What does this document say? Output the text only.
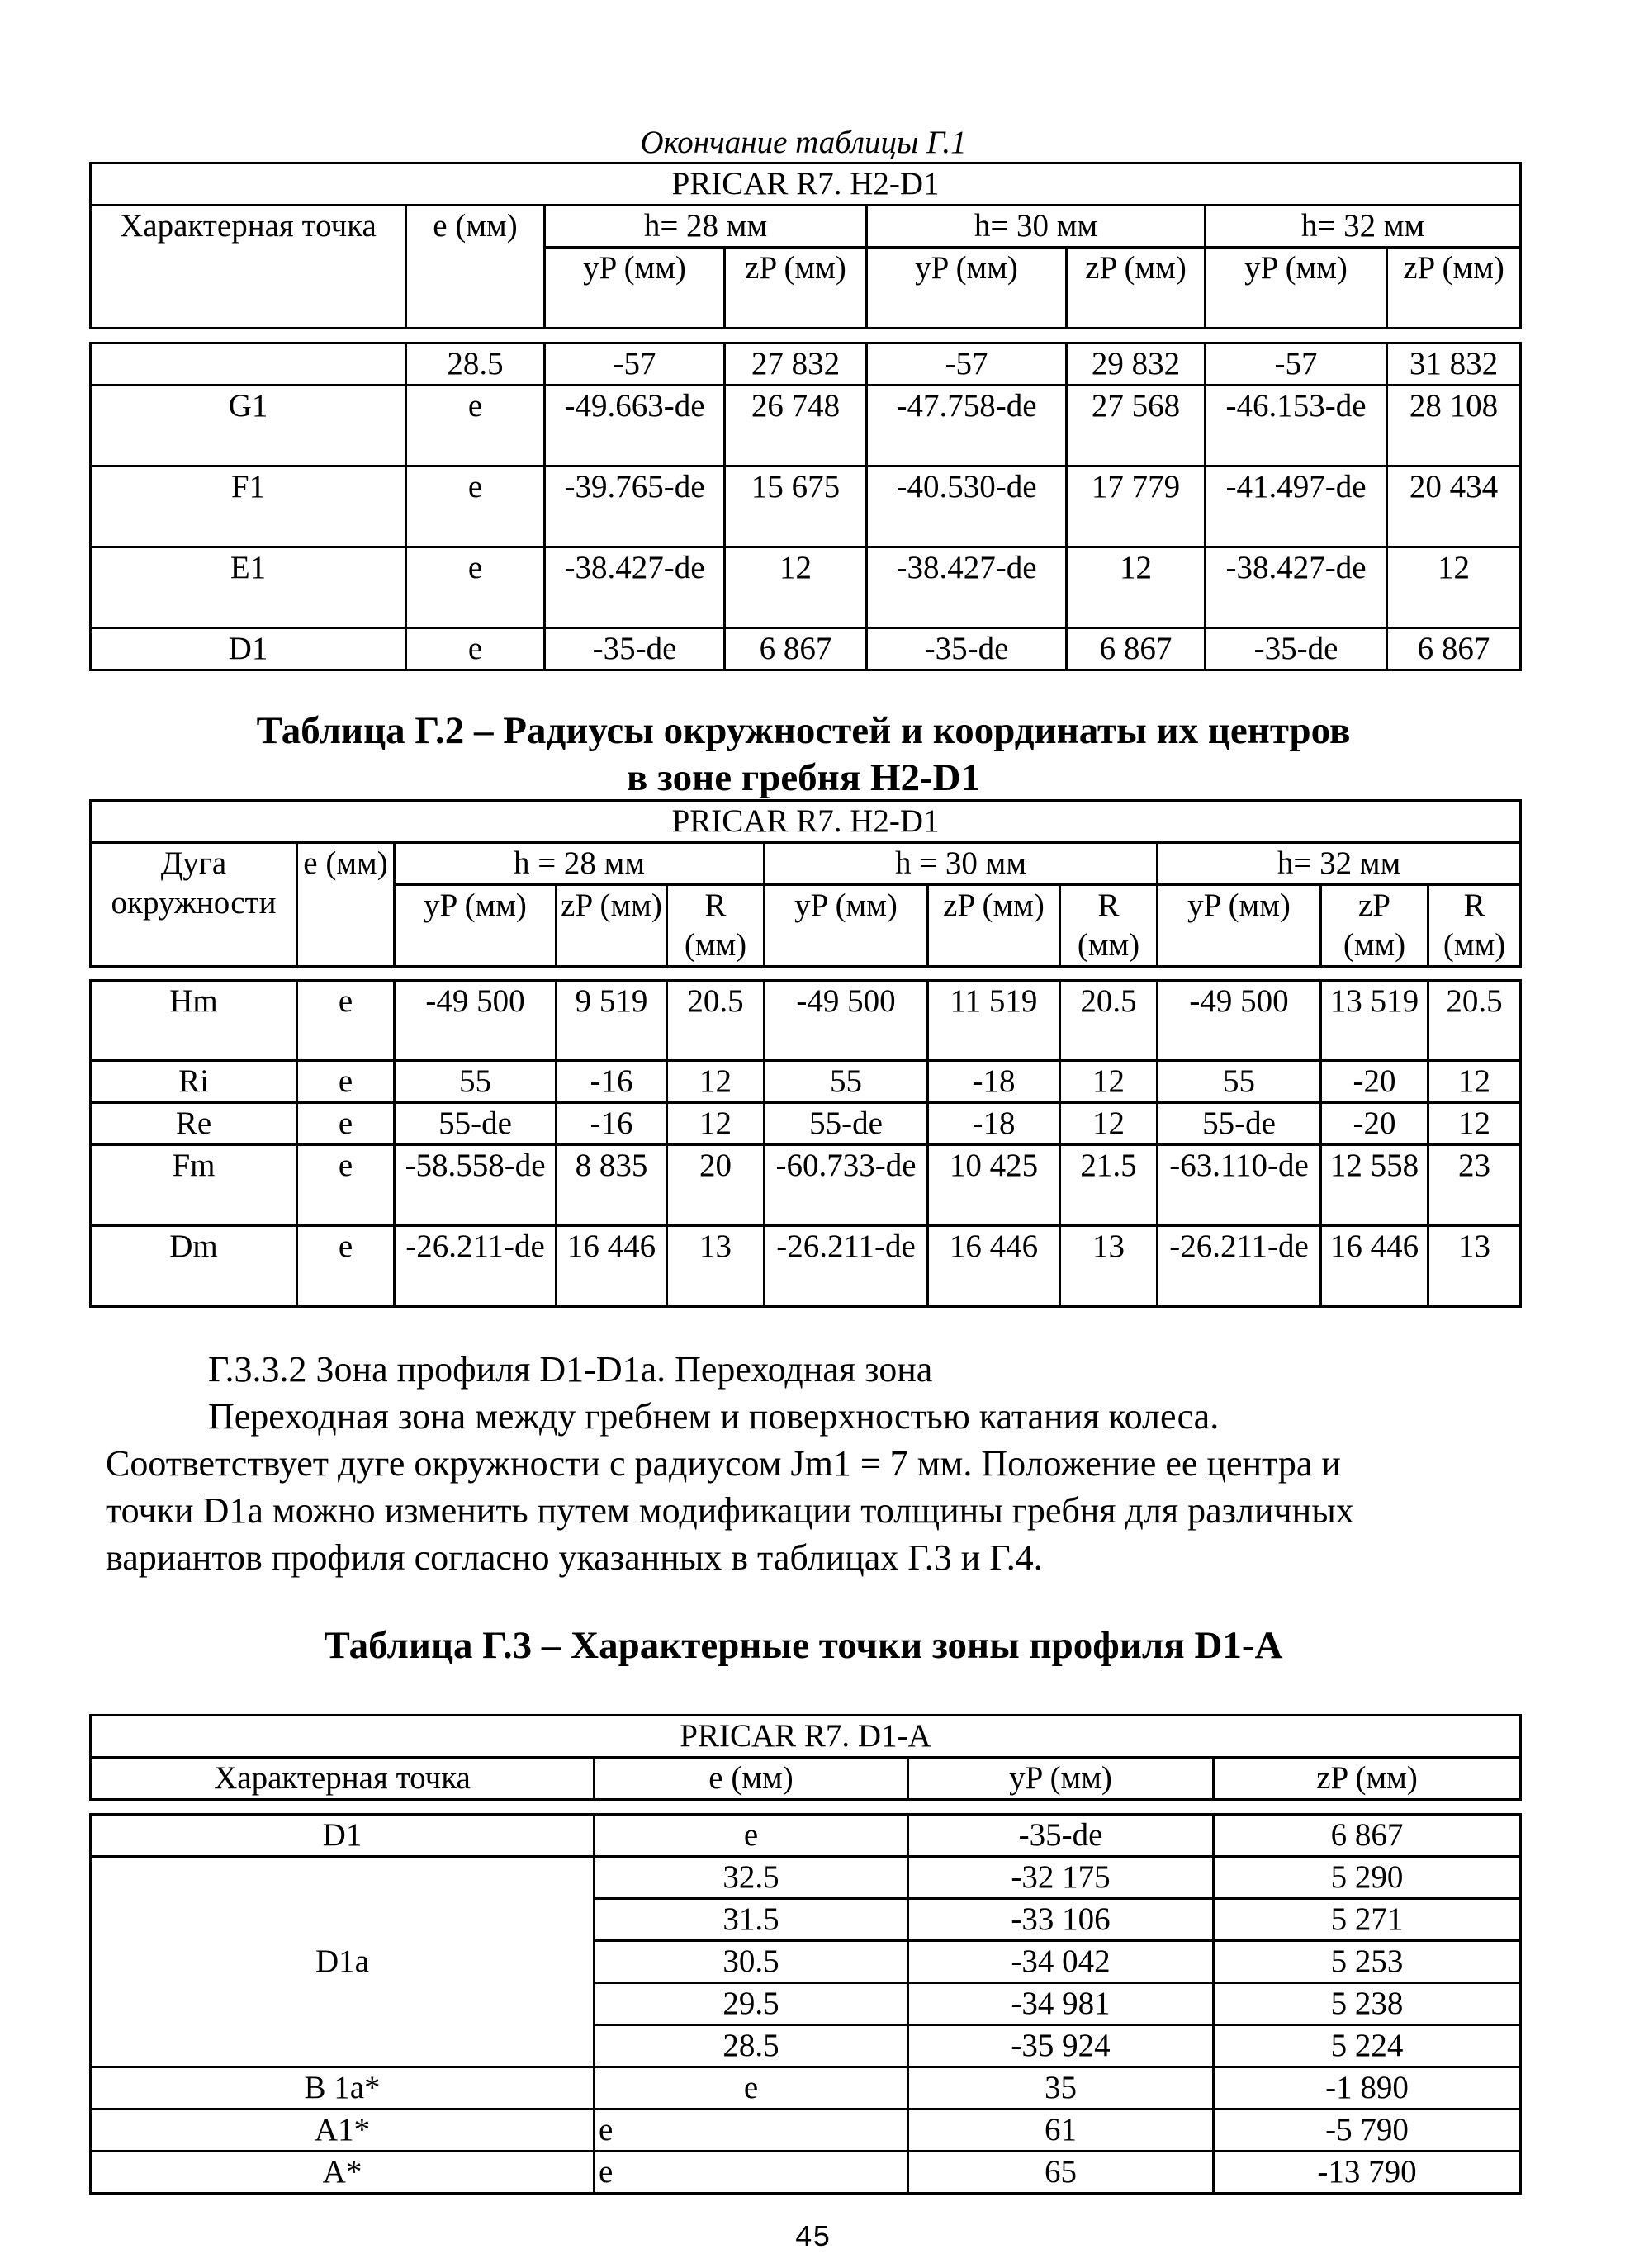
Окончание таблицы Г.1
PRICAR R7. H2-D1							
Характерная точка	е (мм)	h= 28 мм		h= 30 мм		h= 32 мм	
		yP (мм)	zP (мм)	yP (мм)	zP (мм)	yP (мм)	zP (мм)
	28.5	-57	27 832	-57	29 832	-57	31 832
G1	e	-49.663-de	26 748	-47.758-de	27 568	-46.153-de	28 108
F1	e	-39.765-de	15 675	-40.530-de	17 779	-41.497-de	20 434
E1	e	-38.427-de	12	-38.427-de	12	-38.427-de	12
D1	e	-35-de	6 867	-35-de	6 867	-35-de	6 867
Таблица Г.2 – Радиусы окружностей и координаты их центров
в зоне гребня H2-D1
PRICAR R7. H2-D1										
Дуга окружности	е (мм)	h = 28 мм			h = 30 мм			h= 32 мм		
		yP (мм)	zP (мм)	R (мм)	yP (мм)	zP (мм)	R (мм)	yP (мм)	zP (мм)	R (мм)
Hm	e	-49 500	9 519	20.5	-49 500	11 519	20.5	-49 500	13 519	20.5
Ri	e	55	-16	12	55	-18	12	55	-20	12
Re	e	55-de	-16	12	55-de	-18	12	55-de	-20	12
Fm	e	-58.558-de	8 835	20	-60.733-de	10 425	21.5	-63.110-de	12 558	23
Dm	e	-26.211-de	16 446	13	-26.211-de	16 446	13	-26.211-de	16 446	13
Г.3.3.2 Зона профиля D1-D1a. Переходная зона
Переходная зона между гребнем и поверхностью катания колеса.
Соответствует дуге окружности с радиусом Jm1 = 7 мм. Положение ее центра и
точки D1a можно изменить путем модификации толщины гребня для различных
вариантов профиля согласно указанных в таблицах Г.3 и Г.4.
Таблица Г.3 – Характерные точки зоны профиля D1-A
PRICAR R7. D1-A
Характерная точка	е (мм)	yP (мм)	zP (мм)
D1	e	-35-de	6 867
D1a	32.5	-32 175	5 290
	31.5	-33 106	5 271
	30.5	-34 042	5 253
	29.5	-34 981	5 238
	28.5	-35 924	5 224
B 1a*	e	35	-1 890
A1*	e	61	-5 790
A*	e	65	-13 790
45
